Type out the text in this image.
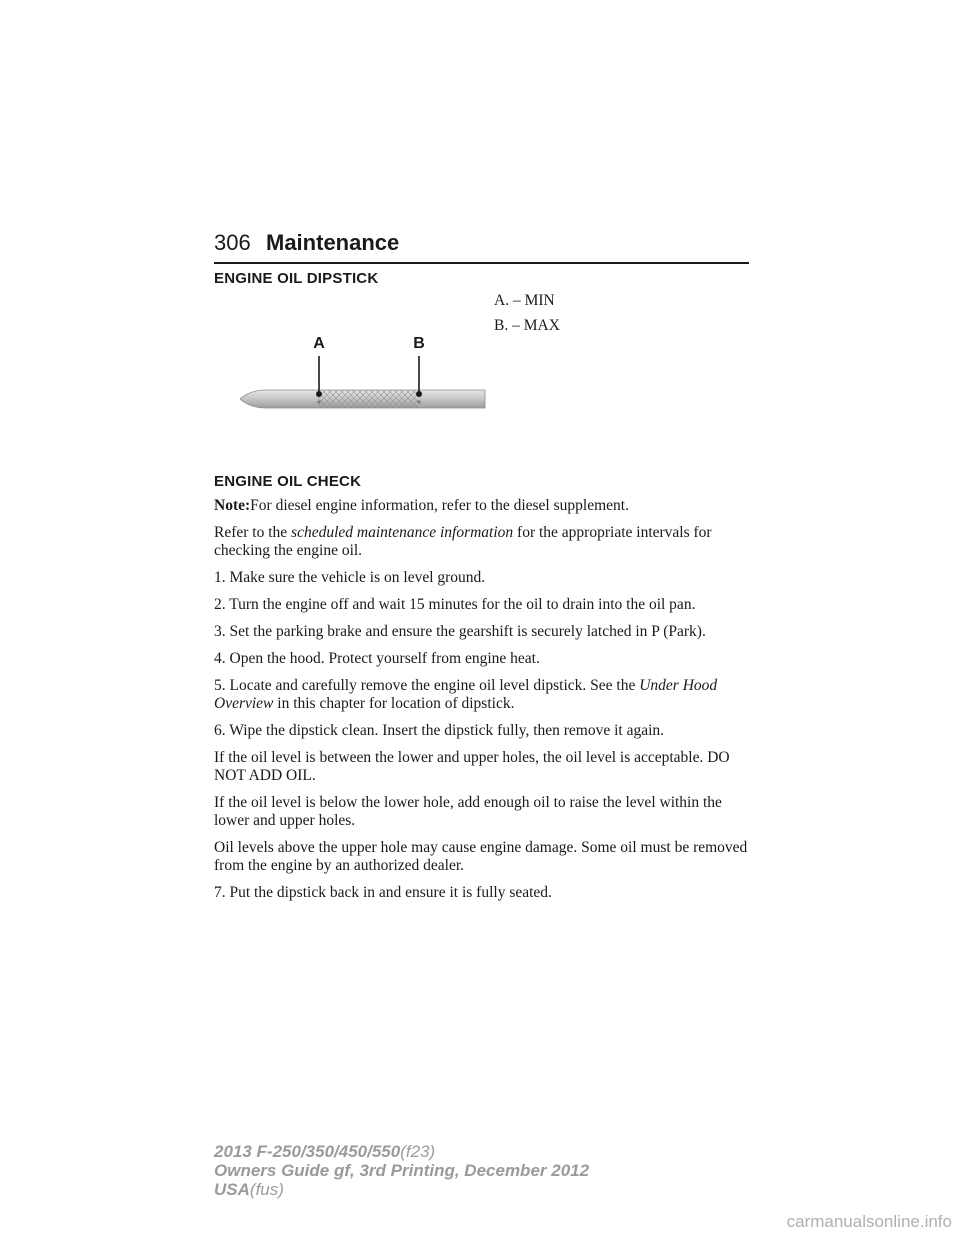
306 Maintenance
ENGINE OIL DIPSTICK
A. – MIN
B. – MAX
A	B
ENGINE OIL CHECK

Note:For diesel engine information, refer to the diesel supplement.

Refer to the scheduled maintenance information for the appropriate intervals for checking the engine oil.

1. Make sure the vehicle is on level ground.

2. Turn the engine off and wait 15 minutes for the oil to drain into the oil pan.

3. Set the parking brake and ensure the gearshift is securely latched in P (Park).

4. Open the hood. Protect yourself from engine heat.

5. Locate and carefully remove the engine oil level dipstick. See the Under Hood Overview in this chapter for location of dipstick.

6. Wipe the dipstick clean. Insert the dipstick fully, then remove it again.

If the oil level is between the lower and upper holes, the oil level is acceptable. DO NOT ADD OIL.

If the oil level is below the lower hole, add enough oil to raise the level within the lower and upper holes.

Oil levels above the upper hole may cause engine damage. Some oil must be removed from the engine by an authorized dealer.

7. Put the dipstick back in and ensure it is fully seated.

2013 F-250/350/450/550(f23)
Owners Guide gf, 3rd Printing, December 2012
USA(fus)
carmanualsonline.info
